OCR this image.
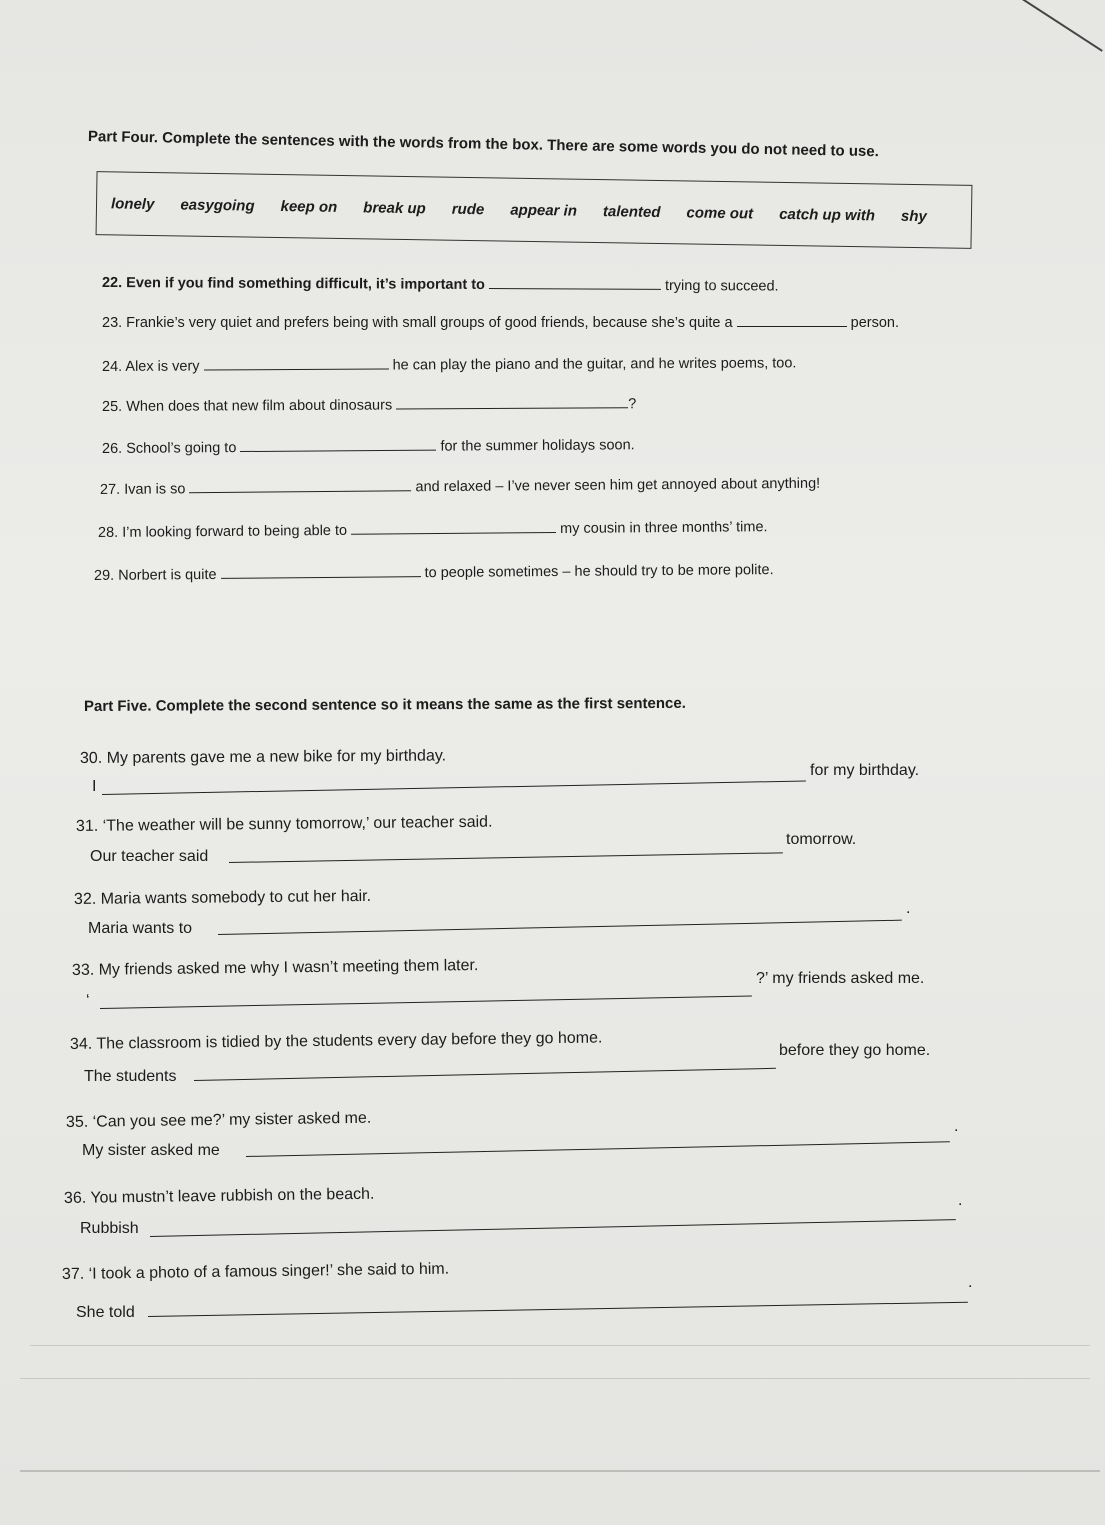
Part Four. Complete the sentences with the words from the box. There are some words you do not need to use.
lonely easygoing keep on break up rude appear in talented come out catch up with shy
22. Even if you find something difficult, it’s important to	trying to succeed.
23. Frankie’s very quiet and prefers being with small groups of good friends, because she’s quite a	person.
24. Alex is very	he can play the piano and the guitar, and he writes poems, too.
25. When does that new film about dinosaurs	?
26. School’s going to	for the summer holidays soon.
27. Ivan is so	and relaxed – I’ve never seen him get annoyed about anything!
28. I’m looking forward to being able to	my cousin in three months’ time.
29. Norbert is quite	to people sometimes – he should try to be more polite.
Part Five. Complete the second sentence so it means the same as the first sentence.
30. My parents gave me a new bike for my birthday.
I
for my birthday.
31. ‘The weather will be sunny tomorrow,’ our teacher said.
Our teacher said
tomorrow.
32. Maria wants somebody to cut her hair.
Maria wants to
.
33. My friends asked me why I wasn’t meeting them later.
‘
?’ my friends asked me.
34. The classroom is tidied by the students every day before they go home.
The students
before they go home.
35. ‘Can you see me?’ my sister asked me.
My sister asked me
.
36. You mustn’t leave rubbish on the beach.
Rubbish
.
37. ‘I took a photo of a famous singer!’ she said to him.
She told
.
